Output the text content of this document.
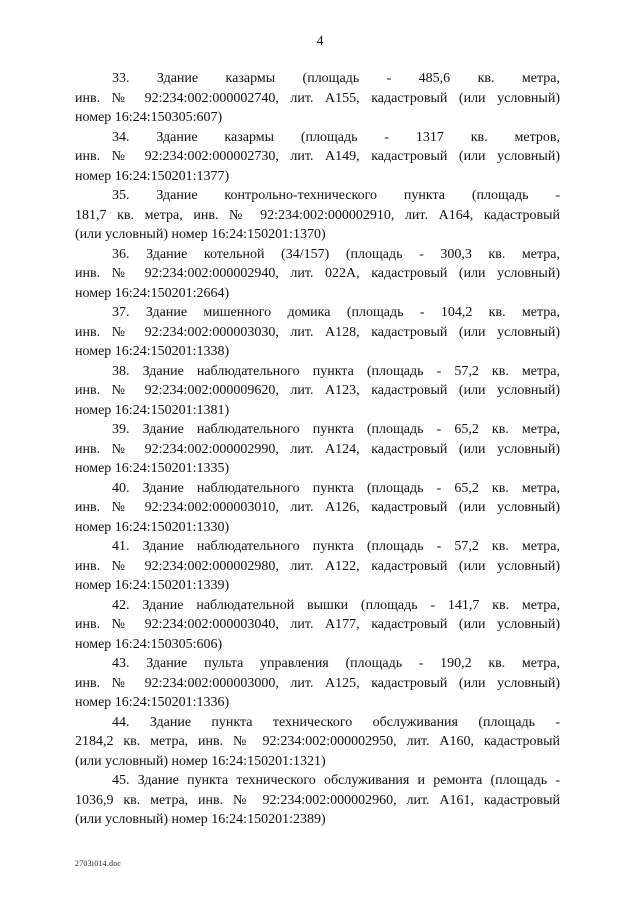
4
33. Здание казармы (площадь - 485,6 кв. метра,
инв. № 92:234:002:000002740, лит. А155, кадастровый (или условный)
номер 16:24:150305:607)
34. Здание казармы (площадь - 1317 кв. метров,
инв. № 92:234:002:000002730, лит. А149, кадастровый (или условный)
номер 16:24:150201:1377)
35. Здание контрольно-технического пункта (площадь -
181,7 кв. метра, инв. № 92:234:002:000002910, лит. А164, кадастровый
(или условный) номер 16:24:150201:1370)
36. Здание котельной (34/157) (площадь - 300,3 кв. метра,
инв. № 92:234:002:000002940, лит. 022А, кадастровый (или условный)
номер 16:24:150201:2664)
37. Здание мишенного домика (площадь - 104,2 кв. метра,
инв. № 92:234:002:000003030, лит. А128, кадастровый (или условный)
номер 16:24:150201:1338)
38. Здание наблюдательного пункта (площадь - 57,2 кв. метра,
инв. № 92:234:002:000009620, лит. А123, кадастровый (или условный)
номер 16:24:150201:1381)
39. Здание наблюдательного пункта (площадь - 65,2 кв. метра,
инв. № 92:234:002:000002990, лит. А124, кадастровый (или условный)
номер 16:24:150201:1335)
40. Здание наблюдательного пункта (площадь - 65,2 кв. метра,
инв. № 92:234:002:000003010, лит. А126, кадастровый (или условный)
номер 16:24:150201:1330)
41. Здание наблюдательного пункта (площадь - 57,2 кв. метра,
инв. № 92:234:002:000002980, лит. А122, кадастровый (или условный)
номер 16:24:150201:1339)
42. Здание наблюдательной вышки (площадь - 141,7 кв. метра,
инв. № 92:234:002:000003040, лит. А177, кадастровый (или условный)
номер 16:24:150305:606)
43. Здание пульта управления (площадь - 190,2 кв. метра,
инв. № 92:234:002:000003000, лит. А125, кадастровый (или условный)
номер 16:24:150201:1336)
44. Здание пункта технического обслуживания (площадь -
2184,2 кв. метра, инв. № 92:234:002:000002950, лит. А160, кадастровый
(или условный) номер 16:24:150201:1321)
45. Здание пункта технического обслуживания и ремонта (площадь -
1036,9 кв. метра, инв. № 92:234:002:000002960, лит. А161, кадастровый
(или условный) номер 16:24:150201:2389)
2703i014.doc
